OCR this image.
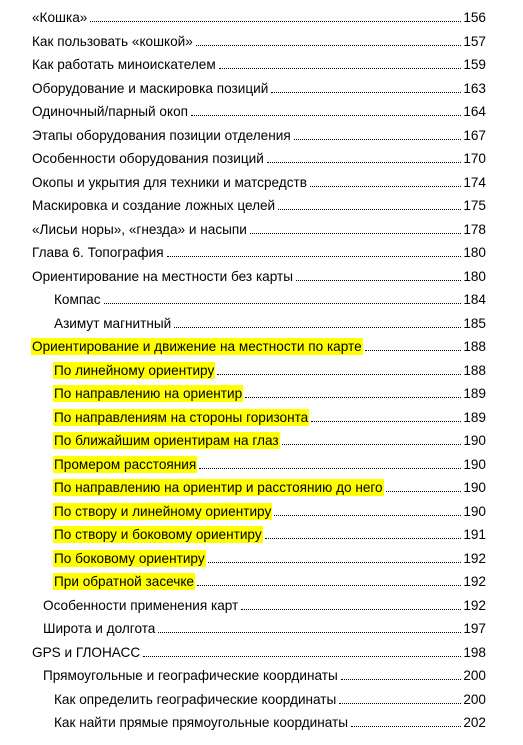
«Кошка»	156
Как пользовать «кошкой»	157
Как работать миноискателем	159
Оборудование и маскировка позиций	163
Одиночный/парный окоп	164
Этапы оборудования позиции отделения	167
Особенности оборудования позиций	170
Окопы и укрытия для техники и матсредств	174
Маскировка и создание ложных целей	175
«Лисьи норы», «гнезда» и насыпи	178
Глава 6. Топография	180
Ориентирование на местности без карты	180
Компас	184
Азимут магнитный	185
Ориентирование и движение на местности по карте	188
По линейному ориентиру	188
По направлению на ориентир	189
По направлениям на стороны горизонта	189
По ближайшим ориентирам на глаз	190
Промером расстояния	190
По направлению на ориентир и расстоянию до него	190
По створу и линейному ориентиру	190
По створу и боковому ориентиру	191
По боковому ориентиру	192
При обратной засечке	192
Особенности применения карт	192
Широта и долгота	197
GPS и ГЛОНАСС	198
Прямоугольные и географические координаты	200
Как определить географические координаты	200
Как найти прямые прямоугольные координаты	202
